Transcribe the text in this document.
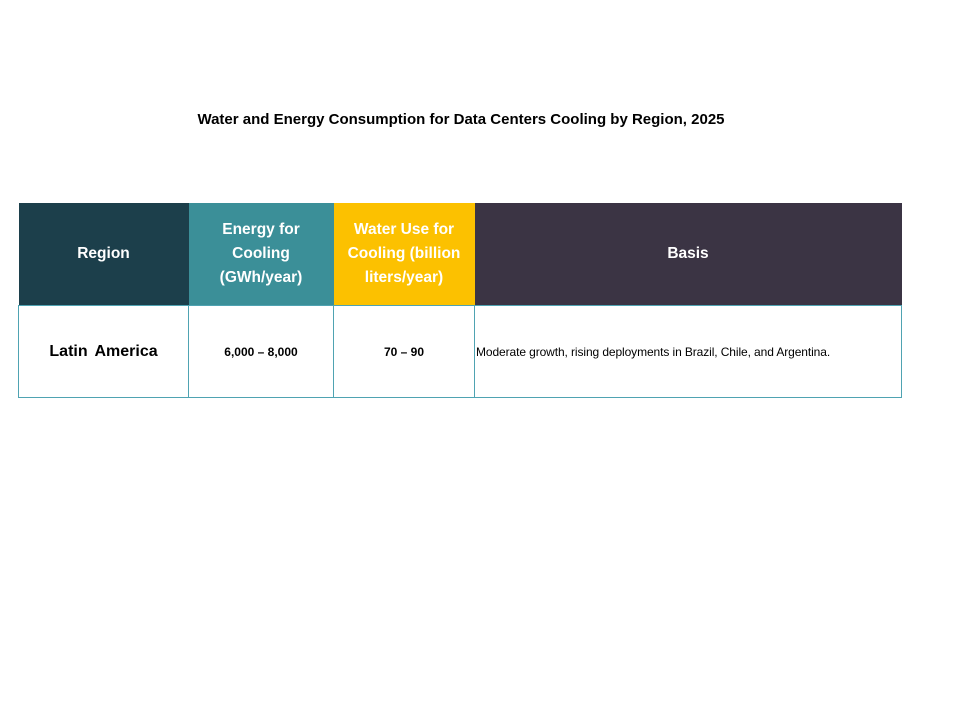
Water and Energy Consumption for Data Centers Cooling by Region, 2025
Region	Energy for Cooling (GWh/year)	Water Use for Cooling (billion liters/year)	Basis
Latin America	6,000 – 8,000	70 – 90	Moderate growth, rising deployments in Brazil, Chile, and Argentina.
